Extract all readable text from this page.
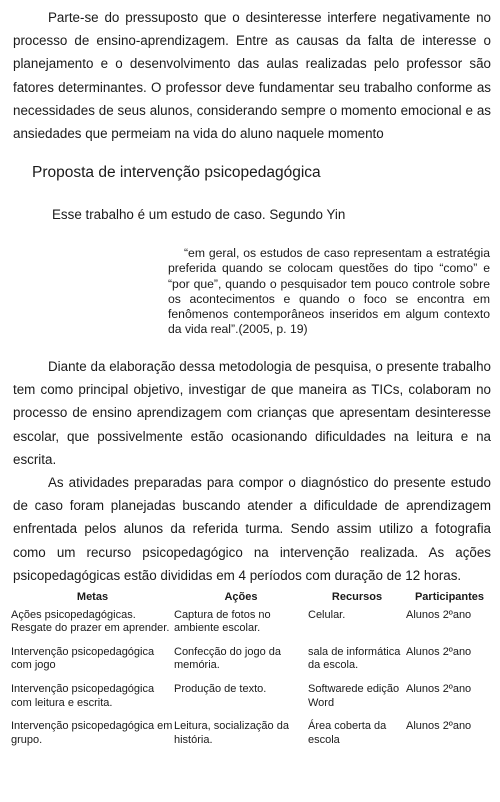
Parte-se do pressuposto que o desinteresse interfere negativamente no processo de ensino-aprendizagem. Entre as causas da falta de interesse o planejamento e o desenvolvimento das aulas realizadas pelo professor são fatores determinantes. O professor deve fundamentar seu trabalho conforme as necessidades de seus alunos, considerando sempre o momento emocional e as ansiedades que permeiam na vida do aluno naquele momento

Proposta de intervenção psicopedagógica

Esse trabalho é um estudo de caso. Segundo Yin

“em geral, os estudos de caso representam a estratégia preferida quando se colocam questões do tipo “como” e “por que”, quando o pesquisador tem pouco controle sobre os acontecimentos e quando o foco se encontra em fenômenos contemporâneos inseridos em algum contexto da vida real”.(2005, p. 19)

Diante da elaboração dessa metodologia de pesquisa, o presente trabalho tem como principal objetivo, investigar de que maneira as TICs, colaboram no processo de ensino aprendizagem com crianças que apresentam desinteresse escolar, que possivelmente estão ocasionando dificuldades na leitura e na escrita.

As atividades preparadas para compor o diagnóstico do presente estudo de caso foram planejadas buscando atender a dificuldade de aprendizagem enfrentada pelos alunos da referida turma. Sendo assim utilizo a fotografia como um recurso psicopedagógico na intervenção realizada. As ações psicopedagógicas estão divididas em 4 períodos com duração de 12 horas.

Metas	Ações	Recursos	Participantes
Ações psicopedagógicas. Resgate do prazer em aprender.	Captura de fotos no ambiente escolar.	Celular.	Alunos 2ºano
Intervenção psicopedagógica com jogo	Confecção do jogo da memória.	sala de informática da escola.	Alunos 2ºano
Intervenção psicopedagógica com leitura e escrita.	Produção de texto.	Softwarede edição Word	Alunos 2ºano
Intervenção psicopedagógica em grupo.	Leitura, socialização da história.	Área coberta da escola	Alunos 2ºano
